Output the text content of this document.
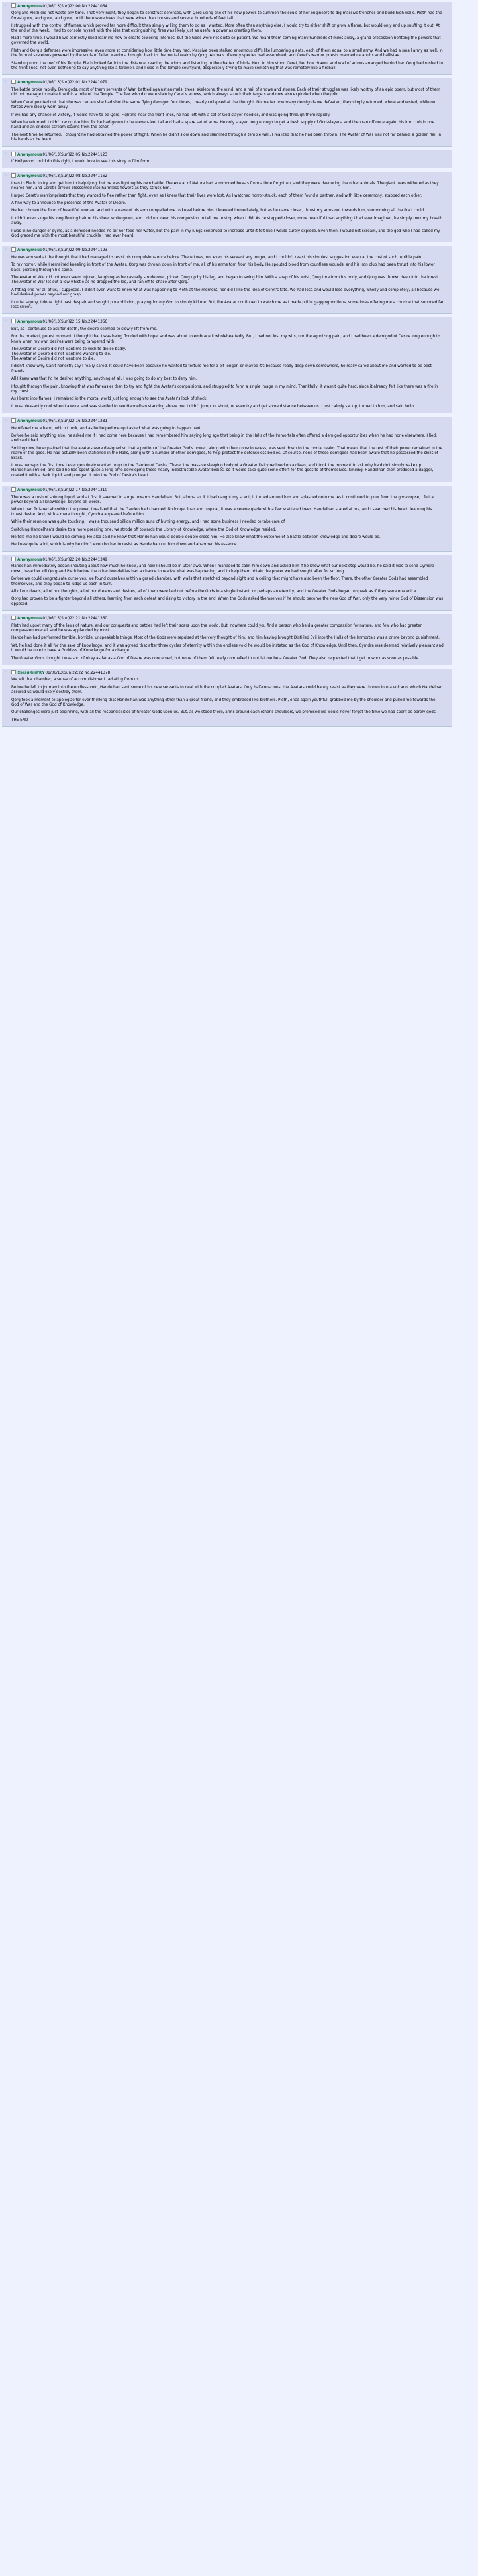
»	Anonymous01/06/13(Sun)22:00 No.22441064

Qorg and Pleth did not waste any time. That very night, they began to construct defenses, with Qorg using one of his new powers to summon the souls of her engineers to dig massive trenches and build high walls. Pleth had the forest grow, and grow, and grow, until there were trees that were wider than houses and several hundreds of feet tall.

I struggled with the control of flames, which proved far more difficult than simply willing them to do as I wanted. More often than anything else, I would try to either shift or grow a flame, but would only end up snuffing it out. At the end of the week, I had to console myself with the idea that extinguishing fires was likely just as useful a power as creating them.

Had I more time, I would have earnestly liked learning how to create towering infernos, but the Gods were not quite so patient. We heard them coming many hundreds of miles away, a grand procession befitting the powers that governed the world.

Pleth and Qorg's defenses were impressive, even more so considering how little time they had. Massive trees stalked enormous cliffs like lumbering giants, each of them equal to a small army. And we had a small army as well, in the form of skeletons powered by the souls of fallen warriors, brought back to the mortal realm by Qorg. Animals of every species had assembled, and Ceret's warrior priests manned catapults and ballistae.

Standing upon the roof of his Temple, Pleth looked far into the distance, reading the winds and listening to the chatter of birds. Next to him stood Ceret, her bow drawn, and wall of arrows arranged behind her. Qorg had rushed to the front lines, not even bothering to say anything like a farewell, and I was in the Temple courtyard, desperately trying to make something that was remotely like a fireball.

»	Anonymous01/06/13(Sun)22:01 No.22441079

The battle broke rapidly. Demigods, most of them servants of War, battled against animals, trees, skeletons, the wind, and a hail of arrows and stones. Each of their struggles was likely worthy of an epic poem, but most of them did not manage to make it within a mile of the Temple. The few who did were slain by Ceret's arrows, which always struck their targets and now also exploded when they did.

When Ceret pointed out that she was certain she had shot the same flying demigod four times, I nearly collapsed at the thought. No matter how many demigods we defeated, they simply returned, whole and rested, while our forces were slowly worn away.

If we had any chance of victory, it would have to be Qorg. Fighting near the front lines, he had left with a set of God-slayer needles, and was going through them rapidly.

When he returned, I didn't recognize him, for he had grown to be eleven-feet tall and had a spare set of arms. He only stayed long enough to get a fresh supply of God-slayers, and then ran off once again, his iron club in one hand and an endless scream issuing from the other.

The next time he returned, I thought he had obtained the power of flight. When he didn't slow down and slammed through a temple wall, I realized that he had been thrown. The Avatar of War was not far behind, a golden flail in his hands as he leapt.

»	Anonymous01/06/13(Sun)22:05 No.22441123

If Hollywood could do this right, I would love to see this story in film form.

»	Anonymous01/06/13(Sun)22:08 No.22441162

I ran to Pleth, to try and get him to help Qorg, but he was fighting his own battle. The Avatar of Nature had summoned beasts from a time forgotten, and they were devouring the other animals. The giant trees withered as they neared him, and Ceret's arrows blossomed into harmless flowers as they struck him.

I urged Ceret's warrior-priests that they wanted to flee rather than fight, even as I knew that their lives were lost. As I watched horror-struck, each of them found a partner, and with little ceremony, stabbed each other.

A fine way to announce the presence of the Avatar of Desire.

He had chosen the form of beautiful woman, and with a wave of his arm compelled me to kneel before him. I kneeled immediately, but as he came closer, thrust my arms out towards him, summoning all the fire I could.

It didn't even singe his long flowing hair or his sheer white gown, and I did not need his compulsion to tell me to stop when I did. As he stepped closer, more beautiful than anything I had ever imagined, he simply took my breath away.

I was in no danger of dying, as a demigod needed no air nor food nor water, but the pain in my lungs continued to increase until it felt like I would surely explode. Even then, I would not scream, and the god who I had called my God graced me with the most beautiful chuckle I had ever heard.

»	Anonymous01/06/13(Sun)22:09 No.22441193

He was amused at the thought that I had managed to resist his compulsions once before. There I was, not even his servant any longer, and I couldn't resist his simplest suggestion even at the cost of such terrible pain.

To my horror, while I remained kneeling in front of the Avatar, Qorg was thrown down in front of me, all of his arms torn from his body. He spouted blood from countless wounds, and his iron club had been thrust into his lower back, piercing through his spine.

The Avatar of War did not even seem injured, laughing as he casually strode over, picked Qorg up by his leg, and began to swing him. With a snap of his wrist, Qorg tore from his body, and Qorg was thrown deep into the forest. The Avatar of War let out a low whistle as he dropped the leg, and ran off to chase after Qorg.

A fitting end for all of us, I supposed. I didn't even want to know what was happening to Pleth at the moment, nor did I like the idea of Ceret's fate. We had lost, and would lose everything, wholly and completely, all because we had desired power beyond our grasp.

In utter agony, I done right past despair and sought pure oblivion, praying for my God to simply kill me. But, the Avatar continued to watch me as I made pitiful gagging motions, sometimes offering me a chuckle that sounded far less sweet.

»	Anonymous01/06/13(Sun)22:15 No.22441366

But, as I continued to ask for death, the desire seemed to slowly lift from me.

For the briefest, purest moment, I thought that I was being flooded with hope, and was about to embrace it wholeheartedly. But, I had not lost my wits, nor the agonizing pain, and I had been a demigod of Desire long enough to know when my own desires were being tampered with.

The Avatar of Desire did not want me to wish to die so badly.
The Avatar of Desire did not want me wanting to die.
The Avatar of Desire did not want me to die.

I didn't know why. Can't honestly say I really cared. It could have been because he wanted to torture me for a bit longer, or maybe it's because really deep down somewhere, he really cared about me and wanted to be best friends.

All I knew was that I'd he desired anything, anything at all, I was going to do my best to deny him.

I fought through the pain, knowing that was far easier than to try and fight the Avatar's compulsions, and struggled to form a single image in my mind. Thankfully, it wasn't quite hard, since it already felt like there was a fire in my chest.

As I burst into flames, I remained in the mortal world just long enough to see the Avatar's look of shock.

It was pleasantly cool when I awoke, and was startled to see Handelhan standing above me. I didn't jump, or shout, or even try and get some distance between us. I just calmly sat up, turned to him, and said hello.

»	Anonymous01/06/13(Sun)22:16 No.22441281

He offered me a hand, which I took, and as he helped me up I asked what was going to happen next.

Before he said anything else, he asked me if I had come here because I had remembered him saying long ago that being in the Halls of the Immortals often offered a demigod opportunities when he had none elsewhere. I lied, and said I had.

Smiling now, he explained that the avatars were designed so that a portion of the Greater God's power, along with their consciousness, was sent down to the mortal realm. That meant that the rest of their power remained in the realm of the gods. He had actually been stationed in the Halls, along with a number of other demigods, to help protect the defenseless bodies. Of course, none of these demigods had been aware that he possessed the skills of Brask.

It was perhaps the first time I ever genuinely wanted to go to the Garden of Desire. There, the massive sleeping body of a Greater Deity reclined on a divan, and I took the moment to ask why he didn't simply wake up. Handelhan smiled, and said he had spent quite a long time developing those nearly-indestructible Avatar bodies, so it would take quite some effort for the gods to of themselves. Smiling, Handelhan then produced a dagger, coated it with a dark liquid, and plunged it into the God of Desire's heart.

»	Anonymous01/06/13(Sun)22:17 No.22441310

There was a rush of shining liquid, and at first it seemed to surge towards Handelhan. But, almost as if it had caught my scent, it turned around him and splashed onto me. As it continued to pour from the god-corpse, I felt a power beyond all knowledge, beyond all words.

When I had finished absorbing the power, I realized that the Garden had changed. No longer lush and tropical, it was a serene glade with a few scattered trees. Handelhan stared at me, and I searched his heart, learning his truest desire. And, with a mere thought, Cymdra appeared before him.

While their reunion was quite touching, I was a thousand billion million suns of burning energy, and I had some business I needed to take care of.

Switching Handelhan's desire to a more pressing one, we strode off towards the Library of Knowledge, where the God of Knowledge resided.

He told me he knew I would be coming. He also said he knew that Handelhan would double-double cross him. He also knew what the outcome of a battle between knowledge and desire would be.

He knew quite a lot, which is why he didn't even bother to resist as Handelhan cut him down and absorbed his essence.

»	Anonymous01/06/13(Sun)22:20 No.22441349

Handelhan immediately began shouting about how much he knew, and how I should be in utter awe. When I managed to calm him down and asked him if he knew what our next step would be, he said it was to send Cymdra down, have her kill Qorg and Pleth before the other two deities had a chance to realize what was happening, and to help them obtain the power we had sought after for so long.

Before we could congratulate ourselves, we found ourselves within a grand chamber, with walls that stretched beyond sight and a ceiling that might have also been the floor. There, the other Greater Gods had assembled themselves, and they began to judge us each in turn.

All of our deeds, all of our thoughts, all of our dreams and desires, all of them were laid out before the Gods in a single instant, or perhaps an eternity, and the Greater Gods began to speak as if they were one voice.

Qorg had proven to be a fighter beyond all others, learning from each defeat and rising to victory in the end. When the Gods asked themselves if he should become the new God of War, only the very minor God of Dissension was opposed.

»	Anonymous01/06/13(Sun)22:21 No.22441360

Pleth had upset many of the laws of nature, and our conquests and battles had left their scars upon the world. But, nowhere could you find a person who held a greater compassion for nature, and few who had greater compassion overall, and he was applauded by most.

Handelhan had performed terrible, horrible, unspeakable things. Most of the Gods were repulsed at the very thought of him, and him having brought Distilled Evil into the Halls of the Immortals was a crime beyond punishment.

Yet, he had done it all for the sake of knowledge, and it was agreed that after three cycles of eternity within the endless void he would be instated as the God of Knowledge. Until then, Cymdra was deemed relatively pleasant and it would be nice to have a Goddess of Knowledge for a change.

The Greater Gods thought I was sort of okay as far as a God of Desire was concerned, but none of them felt really compelled to not let me be a Greater God. They also requested that I get to work as soon as possible.

»	!!jesuKmPKY01/06/13(Sun)22:22 No.22441378

We left that chamber, a sense of accomplishment radiating from us.

Before he left to journey into the endless void, Handelhan sent some of his new servants to deal with the crippled Avatars. Only half-conscious, the Avatars could barely resist as they were thrown into a volcano, which Handelhan assured us would likely destroy them.

Qorg took a moment to apologize for ever thinking that Handelhan was anything other than a great friend, and they embraced like brothers. Pleth, once again youthful, grabbed me by the shoulder and pulled me towards the God of War and the God of Knowledge.

Our challenges were just beginning, with all the responsibilities of Greater Gods upon us. But, as we stood there, arms around each other's shoulders, we promised we would never forget the time we had spent as barely gods.

THE END
